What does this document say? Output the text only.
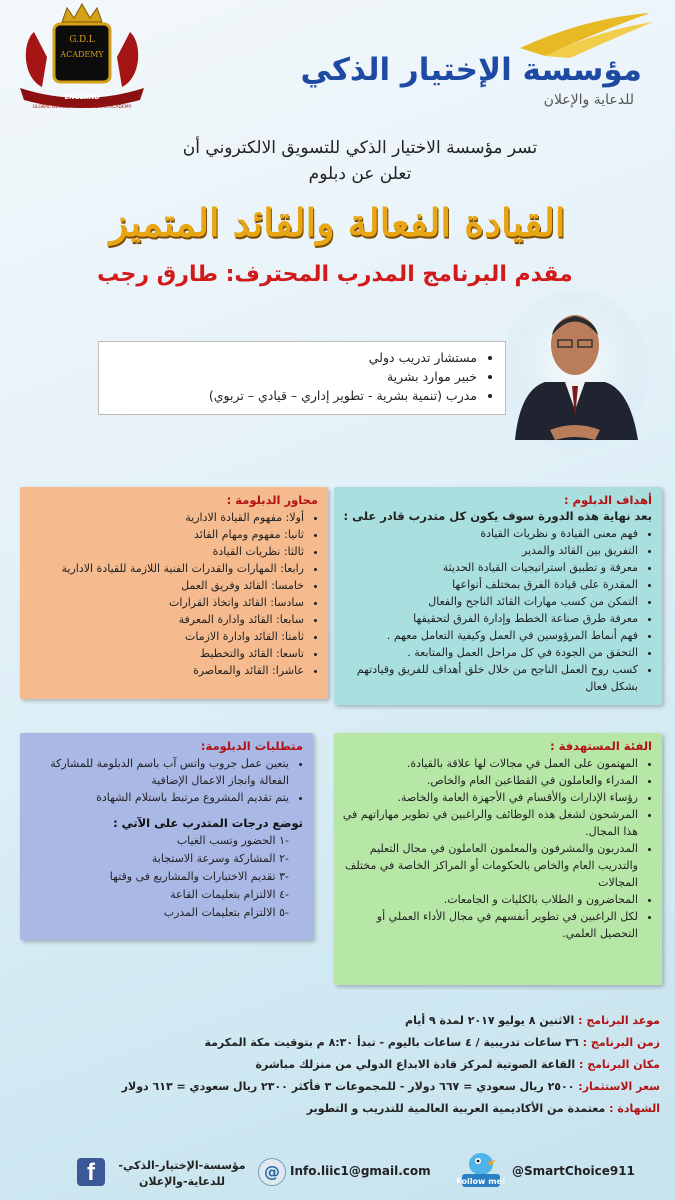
G.D.L
ACADEMY
ENGLAND
GLOBAL DEVELOPMENT LEADERS ACADEMY
مؤسسة الإختيار الذكي
للدعاية والإعلان
تسر مؤسسة الاختيار الذكي للتسويق الالكتروني أن تعلن عن دبلوم
القيادة الفعالة والقائد المتميز
مقدم البرنامج المدرب المحترف: طارق رجب
• مستشار تدريب دولي
• خبير موارد بشرية
• مدرب (تنمية بشرية - تطوير إداري – قيادي – تربوي)
أهداف الدبلوم :
بعد نهاية هذه الدورة سوف يكون كل متدرب قادر على :
• فهم معنى القيادة و نظريات القيادة
• التفريق بين القائد والمدير
• معرفة و تطبيق استراتيجيات القيادة الحديثة
• المقدرة على قيادة الفرق بمختلف أنواعها
• التمكن من كسب مهارات القائد الناجح والفعال
• معرفة طرق صناعة الخطط وإدارة الفرق لتحقيقها
• فهم أنماط المرؤوسين في العمل وكيفية التعامل معهم .
• التحقق من الجودة في كل مراحل العمل والمتابعة .
• كسب روح العمل الناجح من خلال خلق أهداف للفريق وقيادتهم بشكل فعال
محاور الدبلومة :
• أولا: مفهوم القيادة الادارية
• ثانيا: مفهوم ومهام القائد
• ثالثا: نظريات القيادة
• رابعا: المهارات والقدرات الفنية اللازمة للقيادة الادارية
• خامسا: القائد وفريق العمل
• سادسا: القائد واتخاذ القرارات
• سابعا: القائد وادارة المعرفة
• ثامنا: القائد وادارة الازمات
• تاسعا: القائد والتخطيط
• عاشرا: القائد والمعاصرة
الفئة المستهدفة :
• المهتمون على العمل في مجالات لها علاقة بالقيادة.
• المدراء والعاملون في القطاعين العام والخاص.
• رؤساء الإدارات والأقسام في الأجهزة العامة والخاصة.
• المرشحون لشغل هذه الوظائف والراغبين في تطوير مهاراتهم في هذا المجال.
• المدربون والمشرفون والمعلمون العاملون في مجال التعليم والتدريب العام والخاص بالحكومات أو المراكز الخاصة في مختلف المجالات
• المحاضرون و الطلاب بالكليات و الجامعات.
• لكل الراغبين في تطوير أنفسهم في مجال الأداء العملي أو التحصيل العلمي.
متطلبات الدبلومة:
• يتعين عمل جروب واتس آب باسم الدبلومة للمشاركة الفعالة وانجاز الاعمال الإضافية
• يتم تقديم المشروع مرتبط باستلام الشهادة
توضع درجات المتدرب على الآتي :
-١ الحضور وتسب الغياب
-٢ المشاركة وسرعة الاستجابة
-٣ تقديم الاختبارات والمشاريع فى وقتها
-٤ الالتزام بتعليمات القاعة
-٥ الالتزام بتعليمات المدرب
موعد البرنامج : الاثنين ٨ يوليو ٢٠١٧ لمدة ٩ أيام
زمن البرنامج : ٣٦ ساعات تدريبية / ٤ ساعات باليوم - تبدأ ٨:٣٠ م بتوقيت مكة المكرمة
مكان البرنامج : القاعة الصوتية لمركز قادة الابداع الدولي من منزلك مباشرة
سعر الاستثمار: ٢٥٠٠ ريال سعودي = ٦٦٧ دولار - للمجموعات ٣ فأكثر ٢٣٠٠ ريال سعودي = ٦١٣ دولار
الشهادة : معتمدة من الأكاديمية العربية العالمية للتدريب و التطوير
f	مؤسسة-الإختيار-الذكي-
للدعاية-والإعلان
@ Info.liic1@gmail.com
Follow me!
@SmartChoice911
